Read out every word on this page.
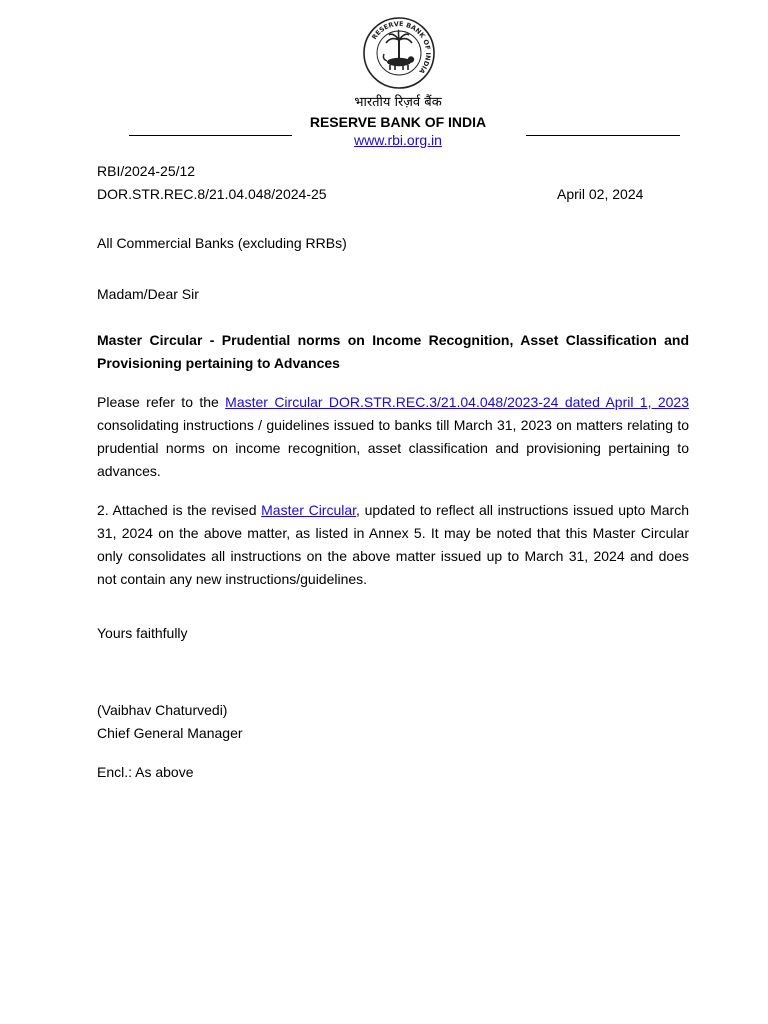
RESERVE BANK OF INDIA
भारतीय रिज़र्व बैंक
RESERVE BANK OF INDIA
www.rbi.org.in
RBI/2024-25/12
DOR.STR.REC.8/21.04.048/2024-25	April 02, 2024
All Commercial Banks (excluding RRBs)
Madam/Dear Sir

Master Circular - Prudential norms on Income Recognition, Asset Classification and Provisioning pertaining to Advances

Please refer to the Master Circular DOR.STR.REC.3/21.04.048/2023-24 dated April 1, 2023 consolidating instructions / guidelines issued to banks till March 31, 2023 on matters relating to prudential norms on income recognition, asset classification and provisioning pertaining to advances.

2. Attached is the revised Master Circular, updated to reflect all instructions issued upto March 31, 2024 on the above matter, as listed in Annex 5. It may be noted that this Master Circular only consolidates all instructions on the above matter issued up to March 31, 2024 and does not contain any new instructions/guidelines.

Yours faithfully
(Vaibhav Chaturvedi)
Chief General Manager
Encl.: As above
